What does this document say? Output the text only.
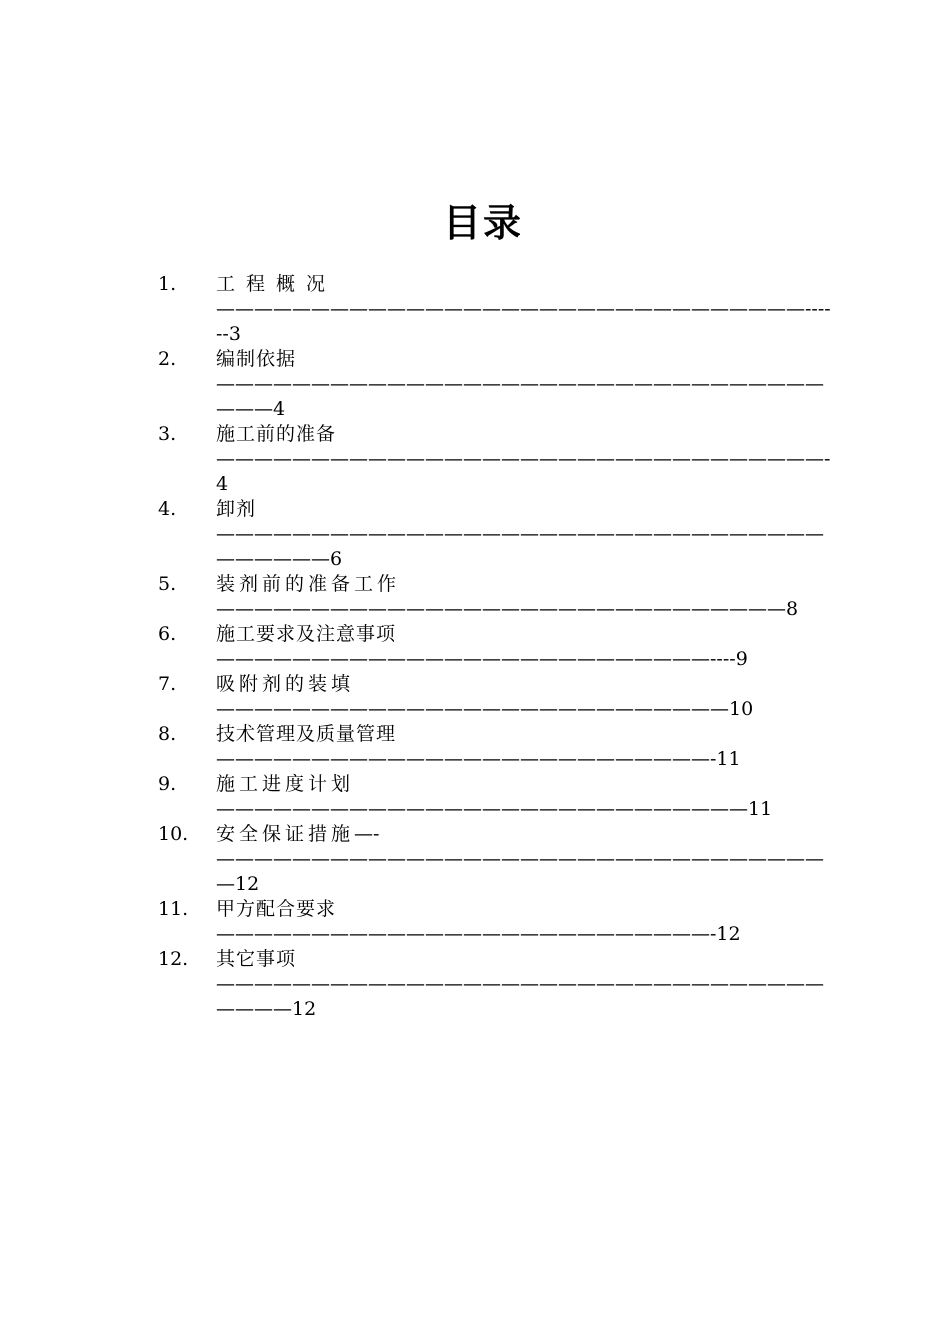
目录
1.	工程概况 ———————————————————————————————------3
2.	编制依据———————————————————————————————————4
3.	施工前的准备————————————————————————————————-4
4.	卸剂——————————————————————————————————————6
5.	装剂前的准备工作——————————————————————————————8
6.	施工要求及注意事项——————————————————————————----9
7.	吸附剂的装填———————————————————————————10
8.	技术管理及质量管理——————————————————————————-11
9.	施工进度计划————————————————————————————11
10.	安全保证措施—-—————————————————————————————————12
11.	甲方配合要求——————————————————————————-12
12.	其它事项————————————————————————————————————12
